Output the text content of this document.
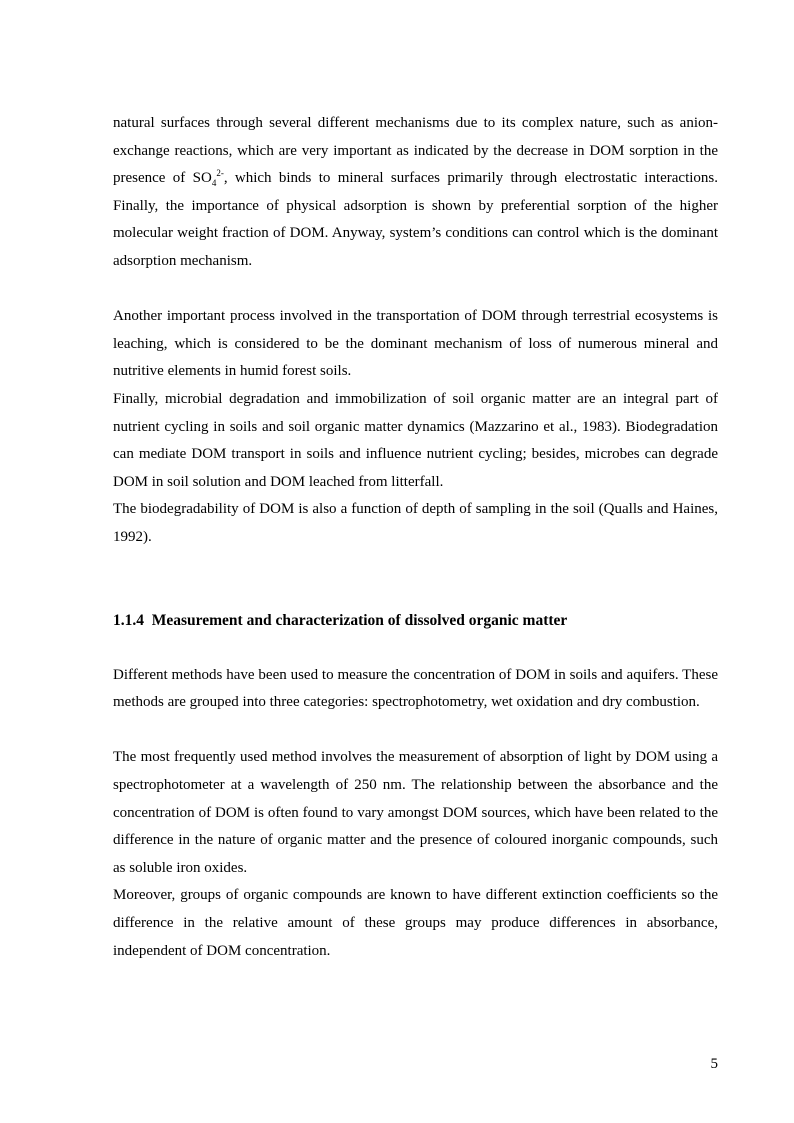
natural surfaces through several different mechanisms due to its complex nature, such as anion-exchange reactions, which are very important as indicated by the decrease in DOM sorption in the presence of $SO_4^{2-}$, which binds to mineral surfaces primarily through electrostatic interactions. Finally, the importance of physical adsorption is shown by preferential sorption of the higher molecular weight fraction of DOM. Anyway, system’s conditions can control which is the dominant adsorption mechanism.

Another important process involved in the transportation of DOM through terrestrial ecosystems is leaching, which is considered to be the dominant mechanism of loss of numerous mineral and nutritive elements in humid forest soils.

Finally, microbial degradation and immobilization of soil organic matter are an integral part of nutrient cycling in soils and soil organic matter dynamics (Mazzarino et al., 1983). Biodegradation can mediate DOM transport in soils and influence nutrient cycling; besides, microbes can degrade DOM in soil solution and DOM leached from litterfall.

The biodegradability of DOM is also a function of depth of sampling in the soil (Qualls and Haines, 1992).

1.1.4 Measurement and characterization of dissolved organic matter

Different methods have been used to measure the concentration of DOM in soils and aquifers. These methods are grouped into three categories: spectrophotometry, wet oxidation and dry combustion.

The most frequently used method involves the measurement of absorption of light by DOM using a spectrophotometer at a wavelength of 250 nm. The relationship between the absorbance and the concentration of DOM is often found to vary amongst DOM sources, which have been related to the difference in the nature of organic matter and the presence of coloured inorganic compounds, such as soluble iron oxides.

Moreover, groups of organic compounds are known to have different extinction coefficients so the difference in the relative amount of these groups may produce differences in absorbance, independent of DOM concentration.

5
